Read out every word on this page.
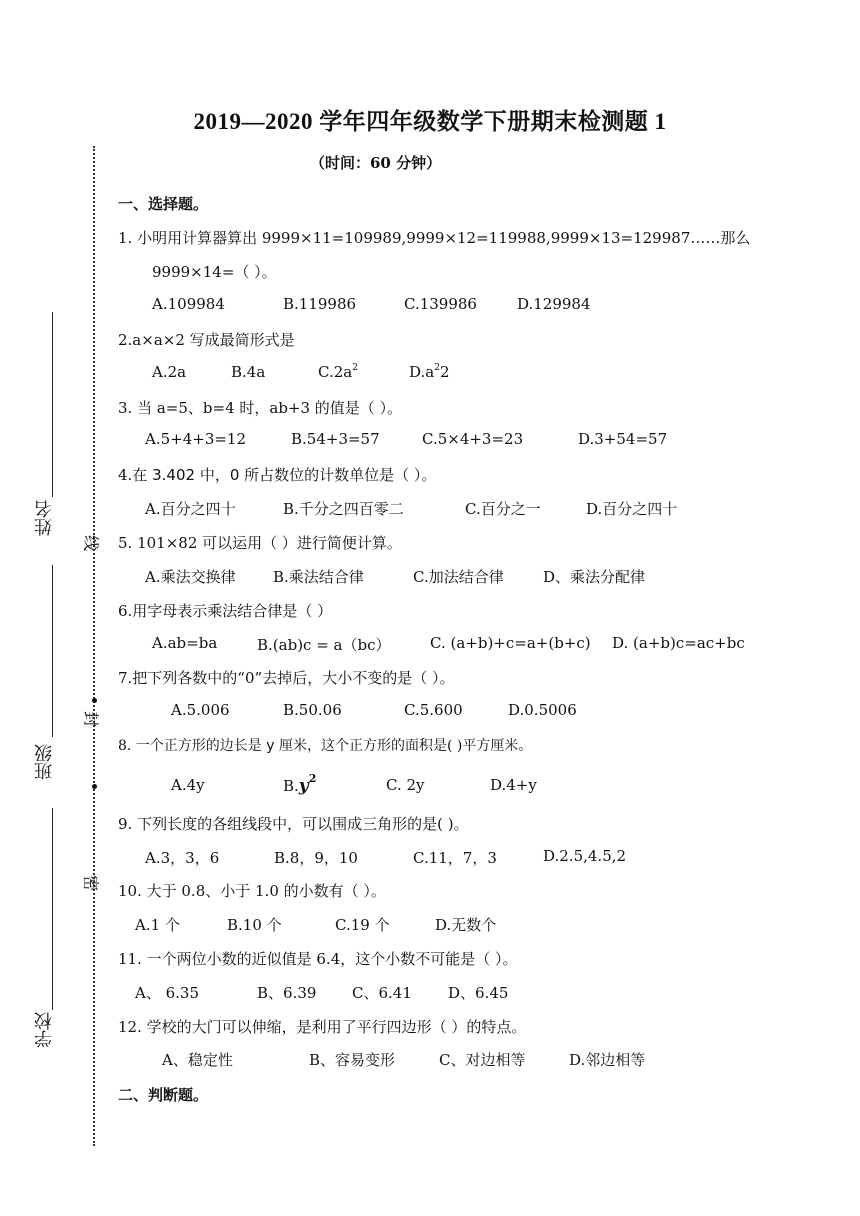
2019—2020 学年四年级数学下册期末检测题 1
（时间：60 分钟）
姓名
班级
学校
线
封
密
一、选择题。
1. 小明用计算器算出 9999×11=109989,9999×12=119988,9999×13=129987……那么
9999×14=（ ）。
A.109984	B.119986	C.139986	D.129984
2.a×a×2 写成最简形式是
A.2a	B.4a	$C.2a^2$	$D.a^22$
3. 当 a=5、b=4 时，ab+3 的值是（ ）。
A.5+4+3=12	B.54+3=57	C.5×4+3=23	D.3+54=57
4.在 3.402 中，0 所占数位的计数单位是（ ）。
A.百分之四十	B.千分之四百零二	C.百分之一	D.百分之四十
5. 101×82 可以运用（ ）进行简便计算。
A.乘法交换律 B.乘法结合律	C.加法结合律	D、乘法分配律
6.用字母表示乘法结合律是（ ）
A.ab=ba	B.(ab)c = a（bc）	C. (a+b)+c=a+(b+c) D. (a+b)c=ac+bc
7.把下列各数中的“0”去掉后，大小不变的是（ ）。
A.5.006	B.50.06	C.5.600	D.0.5006
8. 一个正方形的边长是 y 厘米，这个正方形的面积是( )平方厘米。
A.4y	$B.y^2$	C. 2y	D.4+y
9. 下列长度的各组线段中，可以围成三角形的是( )。
A.3，3，6	B.8，9，10	C.11，7，3	D.2.5,4.5,2
10. 大于 0.8、小于 1.0 的小数有（ ）。
A.1 个	B.10 个	C.19 个	D.无数个
11. 一个两位小数的近似值是 6.4，这个小数不可能是（ ）。
A、 6.35	B、6.39 C、6.41 D、6.45
12. 学校的大门可以伸缩，是利用了平行四边形（ ）的特点。
A、稳定性	B、容易变形	C、对边相等	D.邻边相等
二、判断题。
